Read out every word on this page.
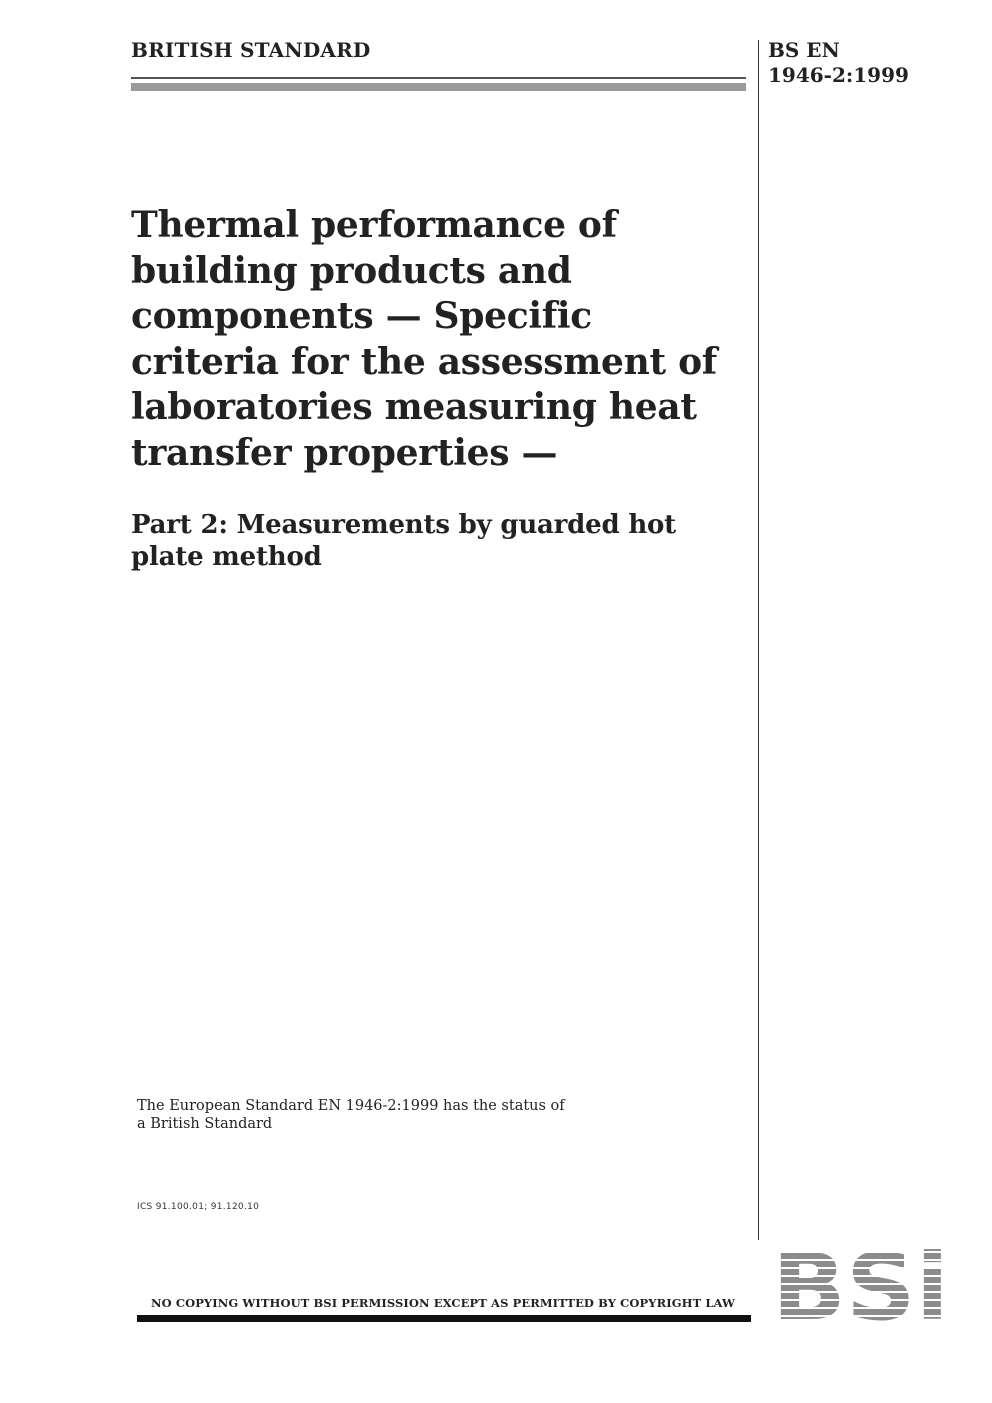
BRITISH STANDARD	BS EN
1946-2:1999
Thermal performance of building products and components — Specific criteria for the assessment of laboratories measuring heat transfer properties —
Part 2: Measurements by guarded hot plate method

The European Standard EN 1946-2:1999 has the status of a British Standard

ICS 91.100.01; 91.120.10
NO COPYING WITHOUT BSI PERMISSION EXCEPT AS PERMITTED BY COPYRIGHT LAW
